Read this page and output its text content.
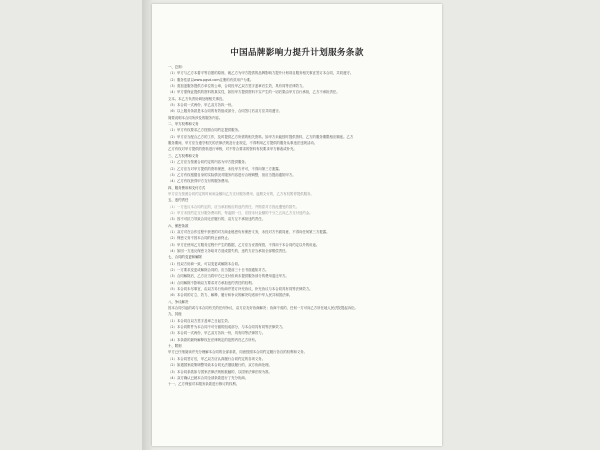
中国品牌影响力提升计划服务条款
一、总则：
（1）甲方与乙方本着平等自愿的原则，就乙方为甲方提供的品牌影响力提升计划项目服务相关事宜签订本合同，共同遵守。
（2）服务性质以www.pgsd.com注册的有效用户为准。
（3）需加盖服务提供方单位的公章，合同经甲乙双方签字盖章后生效，具有同等法律效力。
（4）甲方需保证提供的资料的真实性，如因甲方提供资料不实产生的一切后果由甲方自行承担，乙方不承担责任。
文本。本乙方负责协调处理相关事宜。
（5）本合同一式两份，甲乙双方各执一份。
（6）以上服务条款是本合同的有效组成部分，合同签订后双方应共同遵守。
简要说明本合同所涉及的服务内容。
二、甲方权利和义务
（1）甲方有权要求乙方按照合同约定提供服务。
（2）甲方应当配合乙方的工作，及时提供乙方所需的相关资料。如甲方未能按时提供资料，乙方的服务期限相应顺延。乙方
服务期间，甲方应当遵守相关的法律法规及行业规定，不得利用乙方提供的服务从事违法违规活动。
乙方有权对甲方提供的资料进行审核，对不符合要求的资料有权要求甲方修改或补充。
三、乙方权利和义务
（1）乙方应当按照合同约定的内容为甲方提供服务。
（2）乙方应当对甲方提供的资料保密，未经甲方许可，不得向第三方泄露。
（3）乙方有权根据自身的实际情况对服务内容进行合理调整，但应当提前通知甲方。
（4）乙方有权获得甲方支付的服务费用。
四、服务费用和支付方式
甲方应当按照合同约定的时间和金额向乙方支付服务费用，逾期支付的，乙方有权暂停提供服务。
五、违约责任
（1）一方违反本合同约定的，应当承担相应的违约责任，并赔偿对方因此遭受的损失。
（2）甲方未按约定支付服务费用的，每逾期一日，应按未付金额的千分之五向乙方支付违约金。
（3）因不可抗力导致合同无法履行的，双方互不承担违约责任。
六、保密条款
（1）双方对在合作过程中获悉的对方商业秘密负有保密义务，未经对方书面同意，不得向任何第三方披露。
（2）保密义务不因本合同的终止而终止。
（3）甲方在使用乙方服务过程中产生的数据，乙方应当妥善保管，不得用于本合同约定以外的用途。
（4）如因一方违反保密义务给对方造成损失的，违约方应当承担全部赔偿责任。
七、合同的变更和解除
（1）经双方协商一致，可以变更或解除本合同。
（2）一方要求变更或解除合同的，应当提前三十日书面通知对方。
（3）合同解除后，乙方应当将甲方已支付但尚未提供服务部分的费用退还甲方。
（4）合同解除不影响双方要求对方承担违约责任的权利。
（5）本合同未尽事宜，由双方另行协商并签订补充协议，补充协议与本合同具有同等法律效力。
（6）本合同的订立、效力、解释、履行和争议的解决均适用中华人民共和国法律。
八、争议解决
因本合同引起的或与本合同有关的任何争议，双方应友好协商解决；协商不成的，任何一方可向乙方所在地人民法院提起诉讼。
九、其他
（1）本合同自双方签字盖章之日起生效。
（2）本合同附件为本合同不可分割的组成部分，与本合同具有同等法律效力。
（3）本合同一式两份，甲乙双方各执一份，具有同等法律效力。
（4）本条款的最终解释权在法律规定的范围内归乙方所有。
十、附则
甲方已仔细阅读并充分理解本合同的全部条款，同意按照本合同约定履行各自的权利和义务。
（1）本合同签订后，甲乙双方应认真履行合同约定的各项义务。
（2）如遇国家政策调整导致本合同无法继续履行的，双方协商处理。
（3）本合同条款如与国家法律法规相抵触的，以国家法律法规为准。
（4）双方确认已就本合同全部条款进行了充分协商。
十一、乙方保留对本服务条款进行修订的权利。
